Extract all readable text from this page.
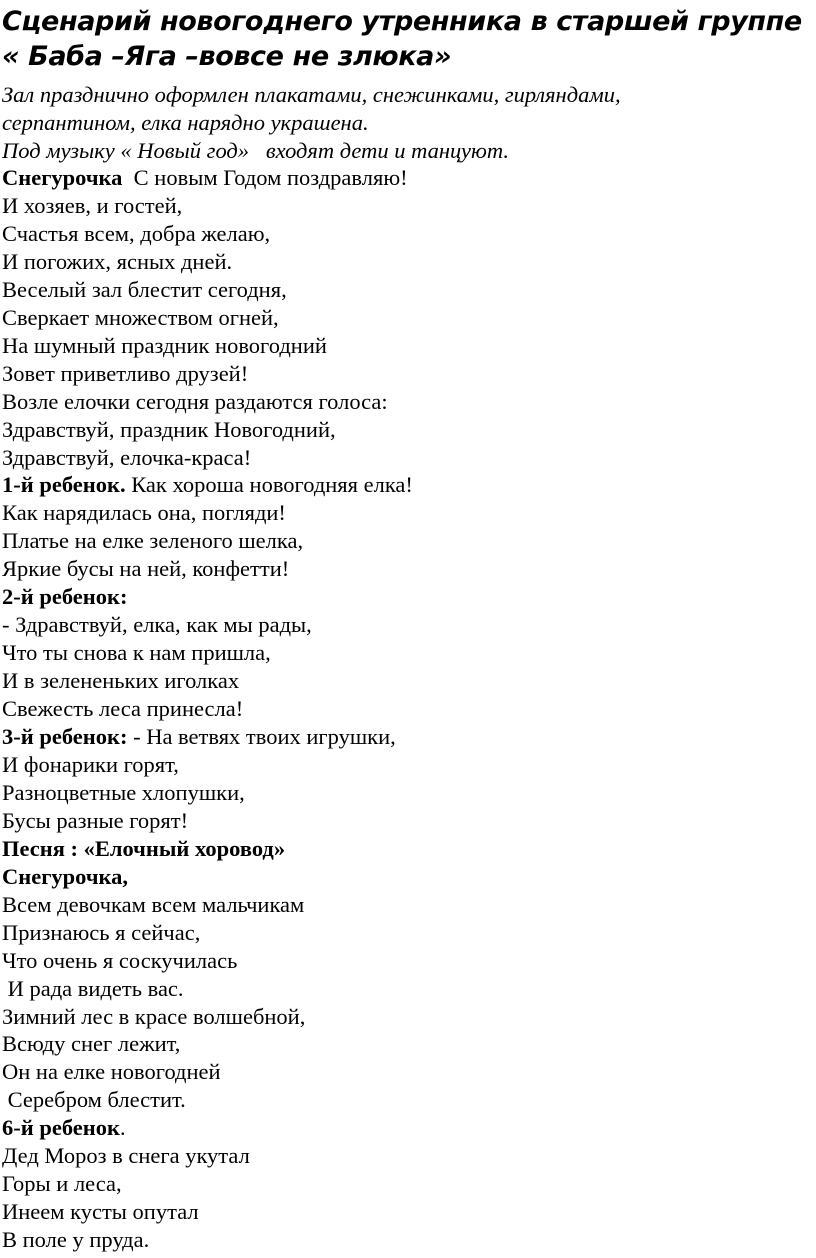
Сценарий новогоднего утренника в старшей группе
« Баба –Яга –вовсе не злюка»
Зал празднично оформлен плакатами, снежинками, гирляндами,
серпантином, елка нарядно украшена.
Под музыку « Новый год»   входят дети и танцуют.
Снегурочка  С новым Годом поздравляю!
И хозяев, и гостей,
Счастья всем, добра желаю,
И погожих, ясных дней.
Веселый зал блестит сегодня,
Сверкает множеством огней,
На шумный праздник новогодний
Зовет приветливо друзей!
Возле елочки сегодня раздаются голоса:
Здравствуй, праздник Новогодний,
Здравствуй, елочка-краса!
1-й ребенок. Как хороша новогодняя елка!
Как нарядилась она, погляди!
Платье на елке зеленого шелка,
Яркие бусы на ней, конфетти!
2-й ребенок:
- Здравствуй, елка, как мы рады,
Что ты снова к нам пришла,
И в зелененьких иголках
Свежесть леса принесла!
3-й ребенок: - На ветвях твоих игрушки,
И фонарики горят,
Разноцветные хлопушки,
Бусы разные горят!
Песня : «Елочный хоровод»
Снегурочка,
Всем девочкам всем мальчикам
Признаюсь я сейчас,
Что очень я соскучилась
И рада видеть вас.
Зимний лес в красе волшебной,
Всюду снег лежит,
Он на елке новогодней
Серебром блестит.
6-й ребенок.
Дед Мороз в снега укутал
Горы и леса,
Инеем кусты опутал
В поле у пруда.
